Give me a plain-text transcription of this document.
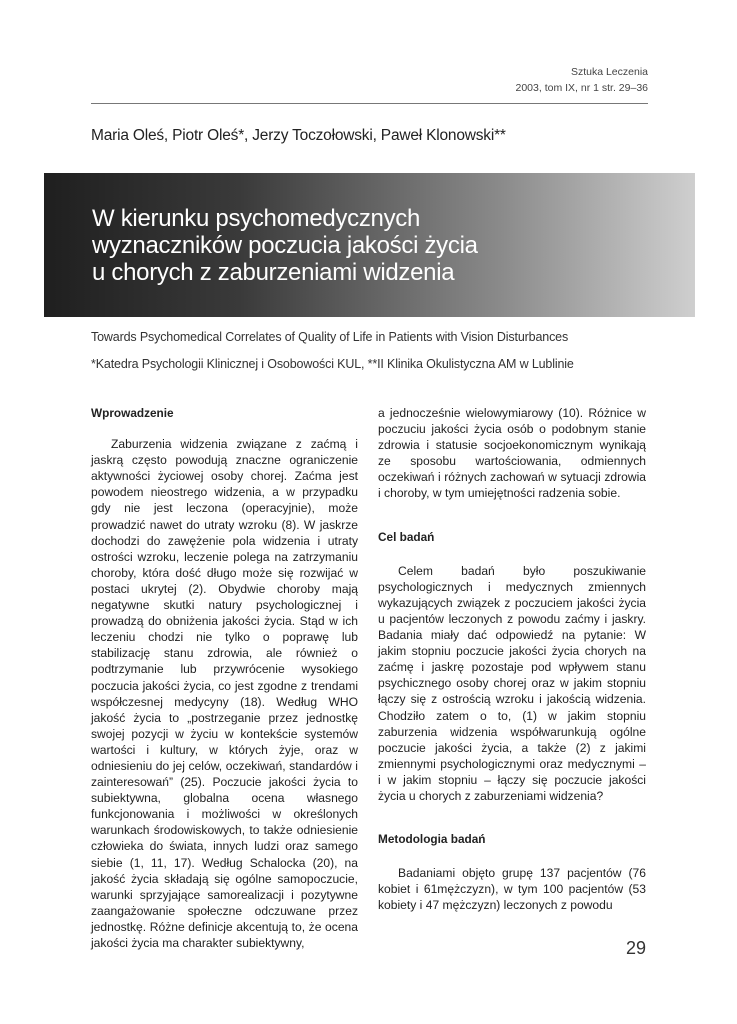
Sztuka Leczenia
2003, tom IX, nr 1 str. 29–36
Maria Oleś, Piotr Oleś*, Jerzy Toczołowski, Paweł Klonowski**
W kierunku psychomedycznych
wyznaczników poczucia jakości życia
u chorych z zaburzeniami widzenia
Towards Psychomedical Correlates of Quality of Life in Patients with Vision Disturbances
*Katedra Psychologii Klinicznej i Osobowości KUL, **II Klinika Okulistyczna AM w Lublinie

Wprowadzenie

Zaburzenia widzenia związane z zaćmą i jaskrą często powodują znaczne ograniczenie aktywności życiowej osoby chorej. Zaćma jest powodem nieostrego widzenia, a w przypadku gdy nie jest leczona (operacyjnie), może prowadzić nawet do utraty wzroku (8). W jaskrze dochodzi do zawężenie pola widzenia i utraty ostrości wzroku, leczenie polega na zatrzymaniu choroby, która dość długo może się rozwijać w postaci ukrytej (2). Obydwie choroby mają negatywne skutki natury psychologicznej i prowadzą do obniżenia jakości życia. Stąd w ich leczeniu chodzi nie tylko o poprawę lub stabilizację stanu zdrowia, ale również o podtrzymanie lub przywrócenie wysokiego poczucia jakości życia, co jest zgodne z trendami współczesnej medycyny (18). Według WHO jakość życia to „postrzeganie przez jednostkę swojej pozycji w życiu w kontekście systemów wartości i kultury, w których żyje, oraz w odniesieniu do jej celów, oczekiwań, standardów i zainteresowań” (25). Poczucie jakości życia to subiektywna, globalna ocena własnego funkcjonowania i możliwości w określonych warunkach środowiskowych, to także odniesienie człowieka do świata, innych ludzi oraz samego siebie (1, 11, 17). Według Schalocka (20), na jakość życia składają się ogólne samopoczucie, warunki sprzyjające samorealizacji i pozytywne zaangażowanie społeczne odczuwane przez jednostkę. Różne definicje akcentują to, że ocena jakości życia ma charakter subiektywny,

a jednocześnie wielowymiarowy (10). Różnice w poczuciu jakości życia osób o podobnym stanie zdrowia i statusie socjoekonomicznym wynikają ze sposobu wartościowania, odmiennych oczekiwań i różnych zachowań w sytuacji zdrowia i choroby, w tym umiejętności radzenia sobie.

Cel badań

Celem badań było poszukiwanie psychologicznych i medycznych zmiennych wykazujących związek z poczuciem jakości życia u pacjentów leczonych z powodu zaćmy i jaskry. Badania miały dać odpowiedź na pytanie: W jakim stopniu poczucie jakości życia chorych na zaćmę i jaskrę pozostaje pod wpływem stanu psychicznego osoby chorej oraz w jakim stopniu łączy się z ostrością wzroku i jakością widzenia. Chodziło zatem o to, (1) w jakim stopniu zaburzenia widzenia współwarunkują ogólne poczucie jakości życia, a także (2) z jakimi zmiennymi psychologicznymi oraz medycznymi – i w jakim stopniu – łączy się poczucie jakości życia u chorych z zaburzeniami widzenia?

Metodologia badań

Badaniami objęto grupę 137 pacjentów (76 kobiet i 61mężczyzn), w tym 100 pacjentów (53 kobiety i 47 mężczyzn) leczonych z powodu

29
